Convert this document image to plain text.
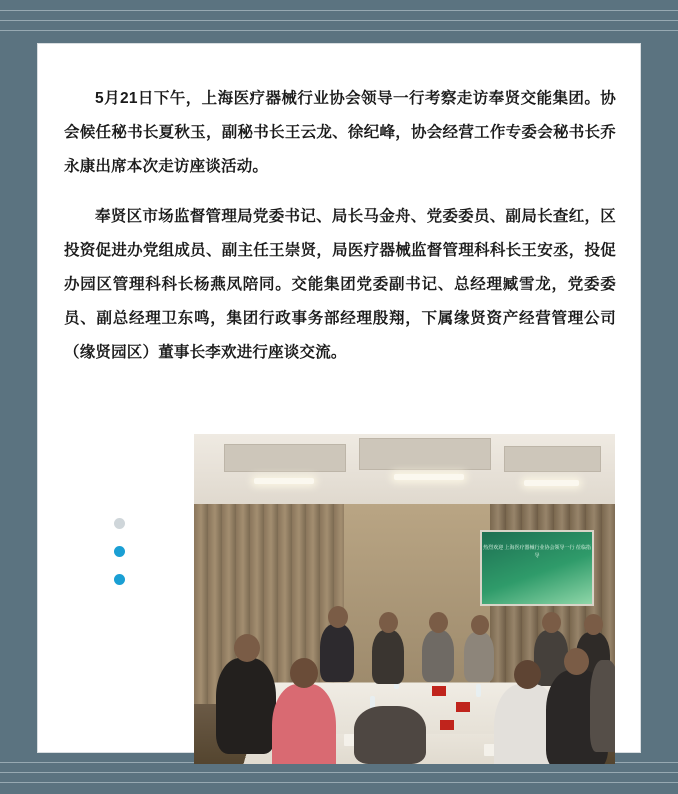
5月21日下午，上海医疗器械行业协会领导一行考察走访奉贤交能集团。协会候任秘书长夏秋玉，副秘书长王云龙、徐纪峰，协会经营工作专委会秘书长乔永康出席本次走访座谈活动。

奉贤区市场监督管理局党委书记、局长马金舟、党委委员、副局长查红，区投资促进办党组成员、副主任王崇贤，局医疗器械监督管理科科长王安丞，投促办园区管理科科长杨燕凤陪同。交能集团党委副书记、总经理臧雪龙，党委委员、副总经理卫东鸣，集团行政事务部经理殷翔，下属缘贤资产经营管理公司（缘贤园区）董事长李欢进行座谈交流。

热烈欢迎 上海医疗器械行业协会领导一行 莅临指导
